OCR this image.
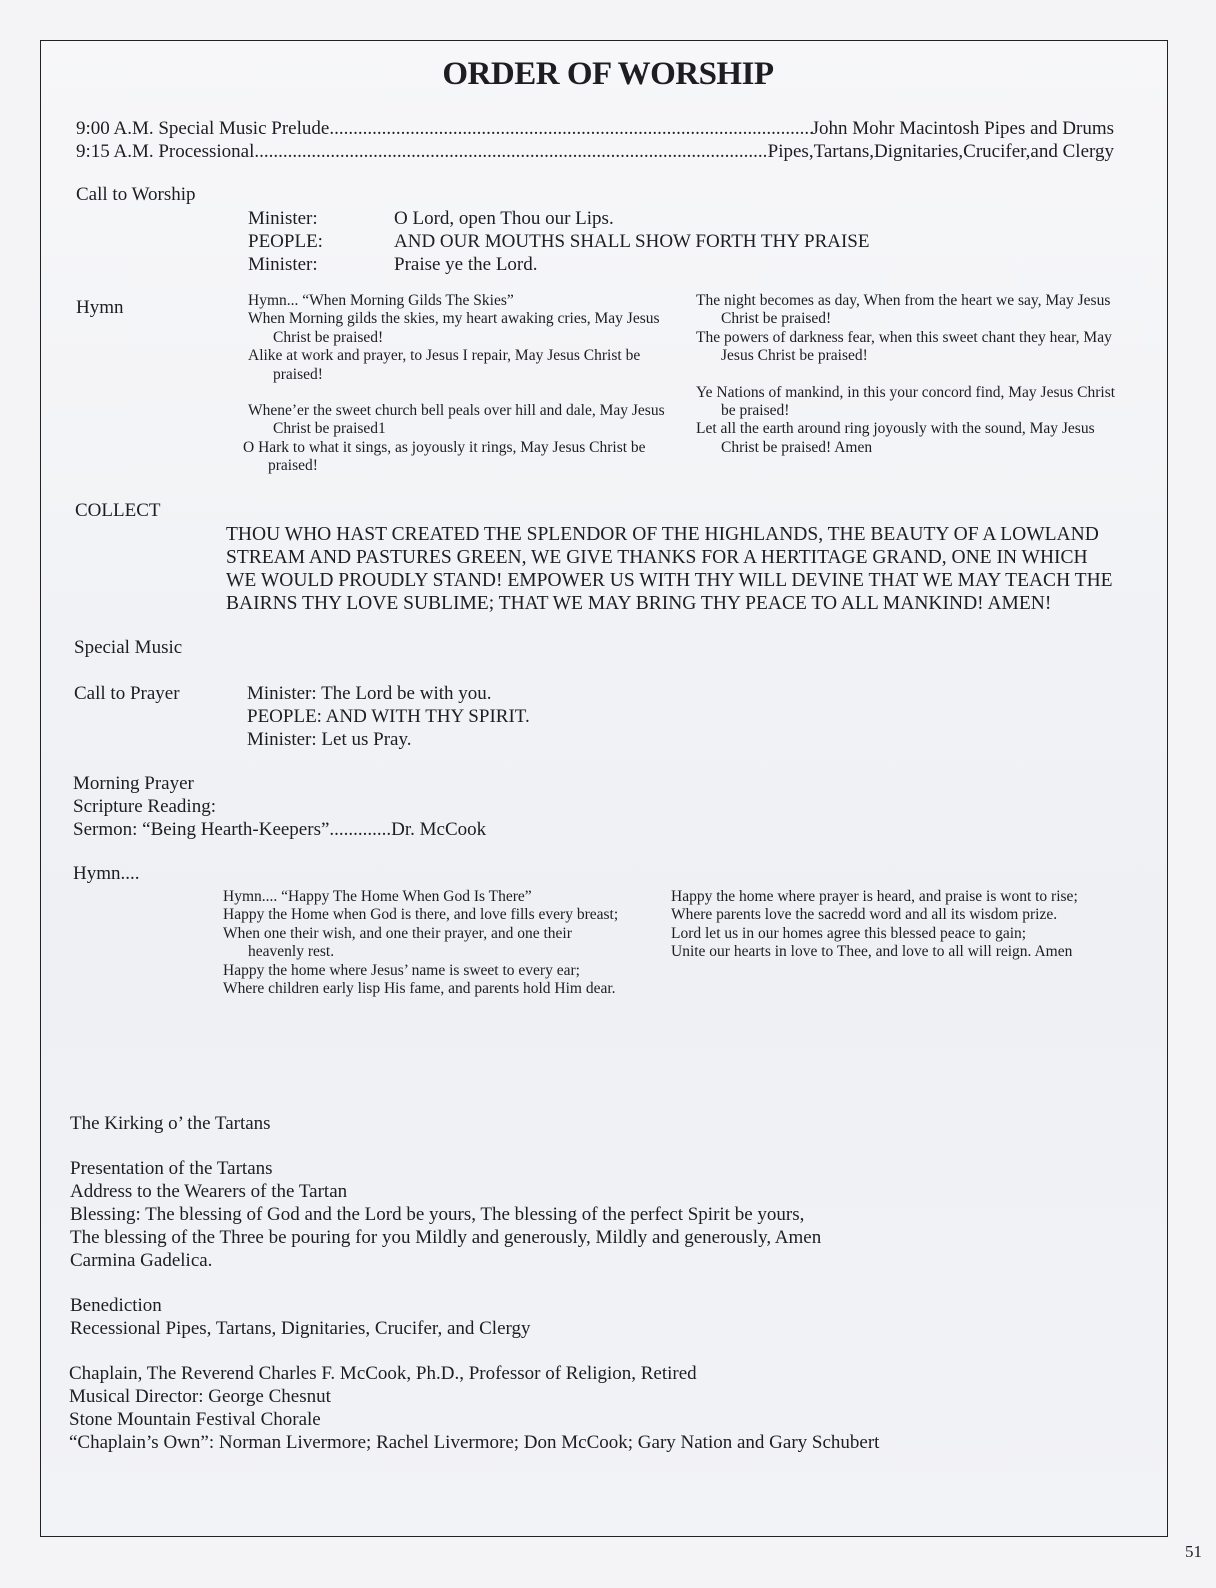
ORDER OF WORSHIP
9:00 A.M. Special Music Prelude .....	John Mohr Macintosh Pipes and Drums
9:15 A.M. Processional .....	Pipes,Tartans,Dignitaries,Crucifer,and Clergy
Call to Worship
Minister:	O Lord, open Thou our Lips.
PEOPLE:	AND OUR MOUTHS SHALL SHOW FORTH THY PRAISE
Minister:	Praise ye the Lord.
Hymn	Hymn... “When Morning Gilds The Skies”

When Morning gilds the skies, my heart awaking cries, May Jesus Christ be praised!

Alike at work and prayer, to Jesus I repair, May Jesus Christ be praised!

Whene’er the sweet church bell peals over hill and dale, May Jesus Christ be praised1

O Hark to what it sings, as joyously it rings, May Jesus Christ be praised!

The night becomes as day, When from the heart we say, May Jesus Christ be praised!

The powers of darkness fear, when this sweet chant they hear, May Jesus Christ be praised!

Ye Nations of mankind, in this your concord find, May Jesus Christ be praised!

Let all the earth around ring joyously with the sound, May Jesus Christ be praised! Amen

COLLECT
THOU WHO HAST CREATED THE SPLENDOR OF THE HIGHLANDS, THE BEAUTY OF A LOWLAND STREAM AND PASTURES GREEN, WE GIVE THANKS FOR A HERTITAGE GRAND, ONE IN WHICH WE WOULD PROUDLY STAND! EMPOWER US WITH THY WILL DEVINE THAT WE MAY TEACH THE BAIRNS THY LOVE SUBLIME; THAT WE MAY BRING THY PEACE TO ALL MANKIND! AMEN!
Special Music
Call to Prayer	Minister: The Lord be with you.
PEOPLE: AND WITH THY SPIRIT.
Minister: Let us Pray.
Morning Prayer
Scripture Reading:
Sermon: “Being Hearth-Keepers”.............Dr. McCook
Hymn....

Hymn.... “Happy The Home When God Is There”

Happy the Home when God is there, and love fills every breast;

When one their wish, and one their prayer, and one their heavenly rest.

Happy the home where Jesus’ name is sweet to every ear;

Where children early lisp His fame, and parents hold Him dear.

Happy the home where prayer is heard, and praise is wont to rise;

Where parents love the sacredd word and all its wisdom prize.

Lord let us in our homes agree this blessed peace to gain;

Unite our hearts in love to Thee, and love to all will reign. Amen

The Kirking o’ the Tartans
Presentation of the Tartans
Address to the Wearers of the Tartan
Blessing: The blessing of God and the Lord be yours, The blessing of the perfect Spirit be yours,
The blessing of the Three be pouring for you Mildly and generously, Mildly and generously, Amen
Carmina Gadelica.
Benediction
Recessional Pipes, Tartans, Dignitaries, Crucifer, and Clergy
Chaplain, The Reverend Charles F. McCook, Ph.D., Professor of Religion, Retired
Musical Director: George Chesnut
Stone Mountain Festival Chorale
“Chaplain’s Own”: Norman Livermore; Rachel Livermore; Don McCook; Gary Nation and Gary Schubert
51
